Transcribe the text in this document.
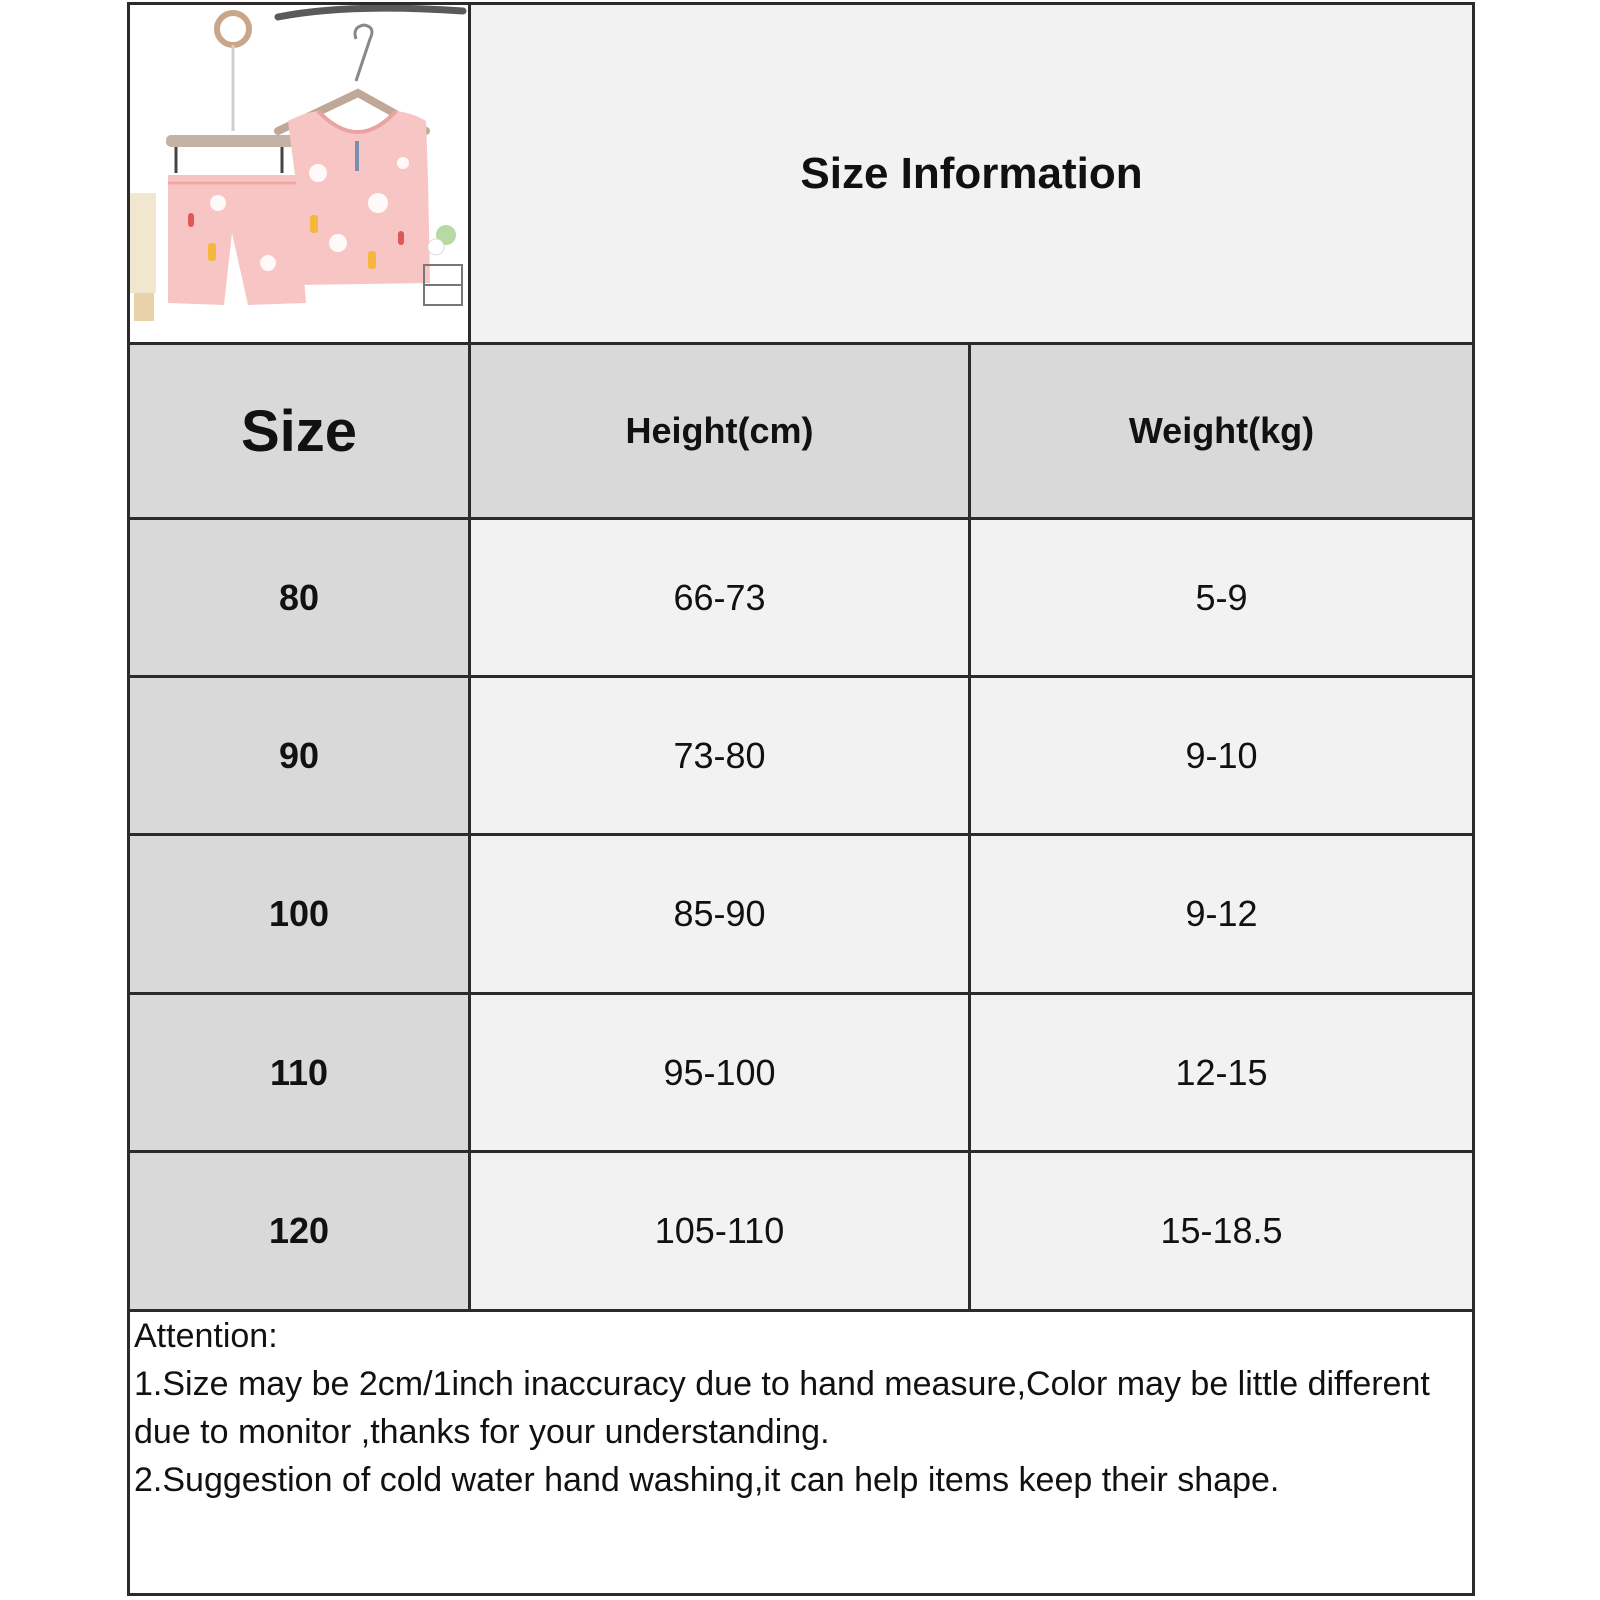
Size Information
Size	Height(cm)	Weight(kg)
80	66-73	5-9
90	73-80	9-10
100	85-90	9-12
110	95-100	12-15
120	105-110	15-18.5
Attention:
1.Size may be 2cm/1inch inaccuracy due to hand measure,Color may be little different due to monitor ,thanks for your understanding.
2.Suggestion of cold water hand washing,it can help items keep their shape.
